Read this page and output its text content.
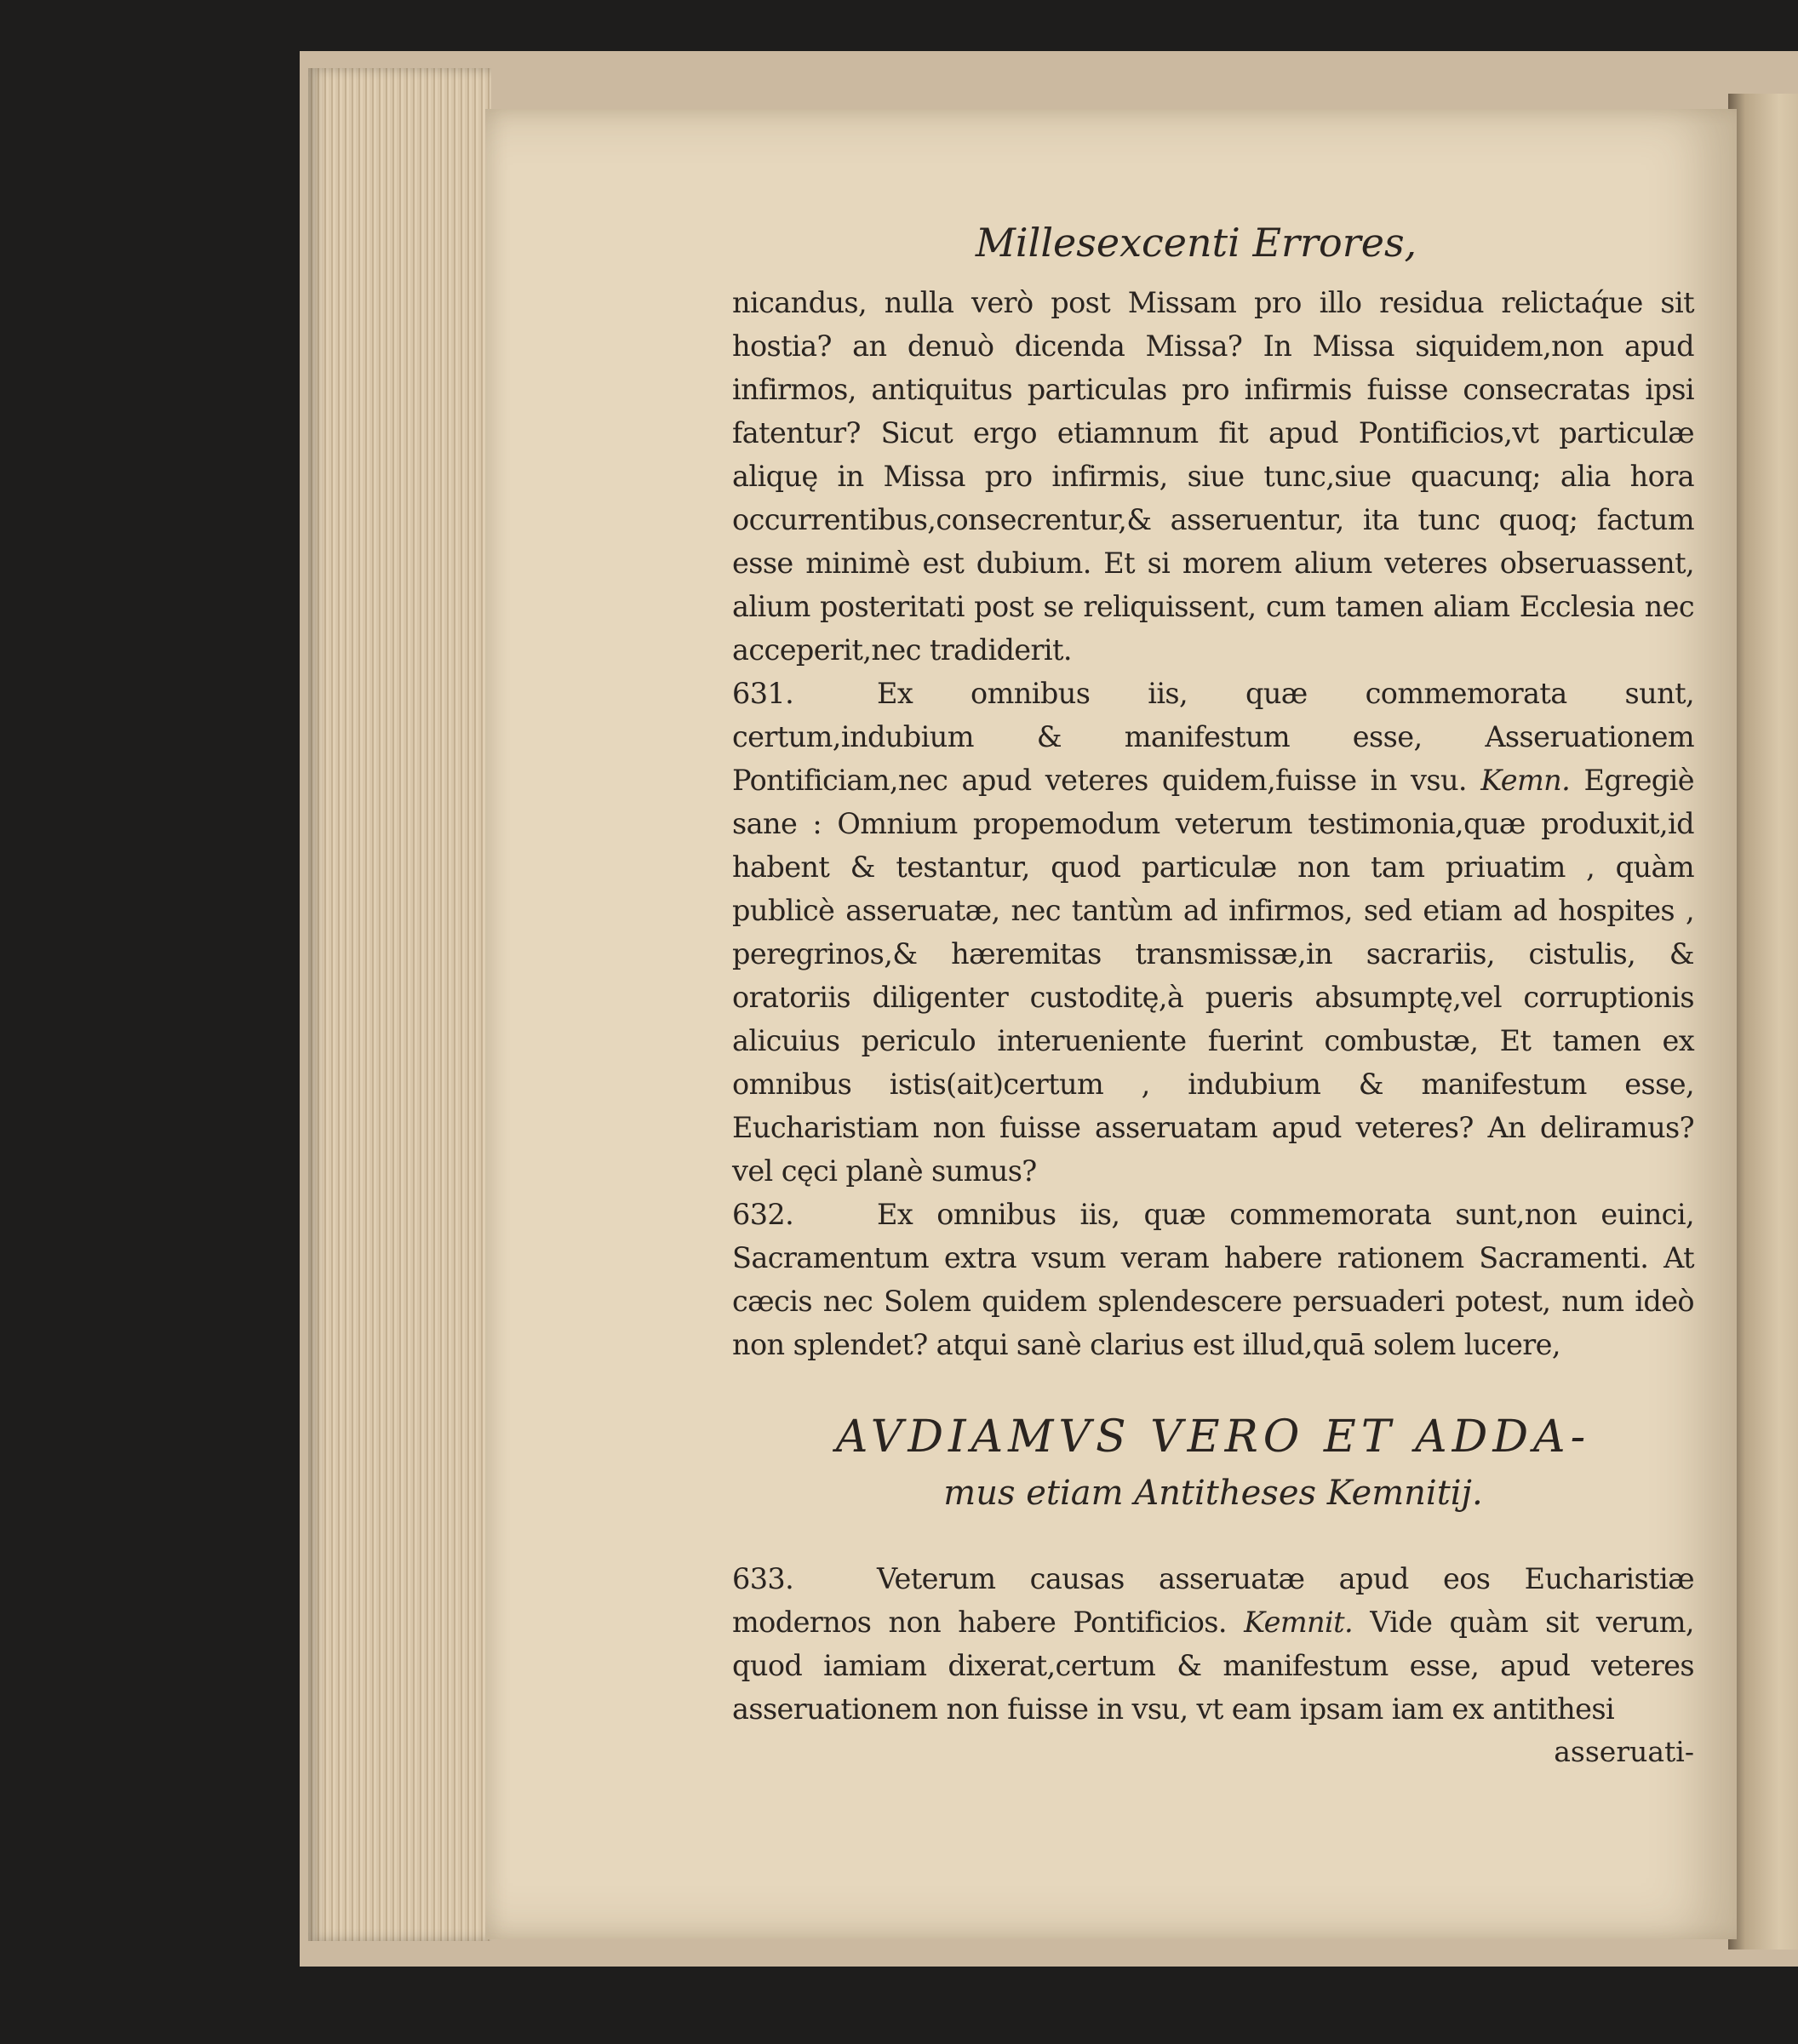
Millesexcenti Errores,

nicandus, nulla verò post Missam pro illo residua relictaq́ue sit hostia? an denuò dicenda Missa? In Missa siquidem,non apud infirmos, antiquitus particulas pro infirmis fuisse consecratas ipsi fatentur? Sicut ergo etiamnum fit apud Pontificios,vt particulæ aliquę in Missa pro infirmis, siue tunc,siue quacunq; alia hora occurrentibus,consecrentur,& asseruentur, ita tunc quoq; factum esse minimè est dubium. Et si morem alium veteres obseruassent, alium posteritati post se reliquissent, cum tamen aliam Ecclesia nec acceperit,nec tradiderit.

631.	Ex omnibus iis, quæ commemorata sunt, certum,indubium & manifestum esse, Asseruationem Pontificiam,nec apud veteres quidem,fuisse in vsu. Kemn. Egregiè sane : Omnium propemodum veterum testimonia,quæ produxit,id habent & testantur, quod particulæ non tam priuatim , quàm publicè asseruatæ, nec tantùm ad infirmos, sed etiam ad hospites , peregrinos,& hæremitas transmissæ,in sacrariis, cistulis, & oratoriis diligenter custoditę,à pueris absumptę,vel corruptionis alicuius periculo interueniente fuerint combustæ, Et tamen ex omnibus istis(ait)certum , indubium & manifestum esse, Eucharistiam non fuisse asseruatam apud veteres? An deliramus? vel cęci planè sumus?

632.	Ex omnibus iis, quæ commemorata sunt,non euinci, Sacramentum extra vsum veram habere rationem Sacramenti. At cæcis nec Solem quidem splendescere persuaderi potest, num ideò non splendet? atqui sanè clarius est illud,quā solem lucere,

AVDIAMVS VERO ET ADDA-
mus etiam Antitheses Kemnitij.

633.	Veterum causas asseruatæ apud eos Eucharistiæ modernos non habere Pontificios. Kemnit. Vide quàm sit verum, quod iamiam dixerat,certum & manifestum esse, apud veteres asseruationem non fuisse in vsu, vt eam ipsam iam ex antithesi

asseruati-
